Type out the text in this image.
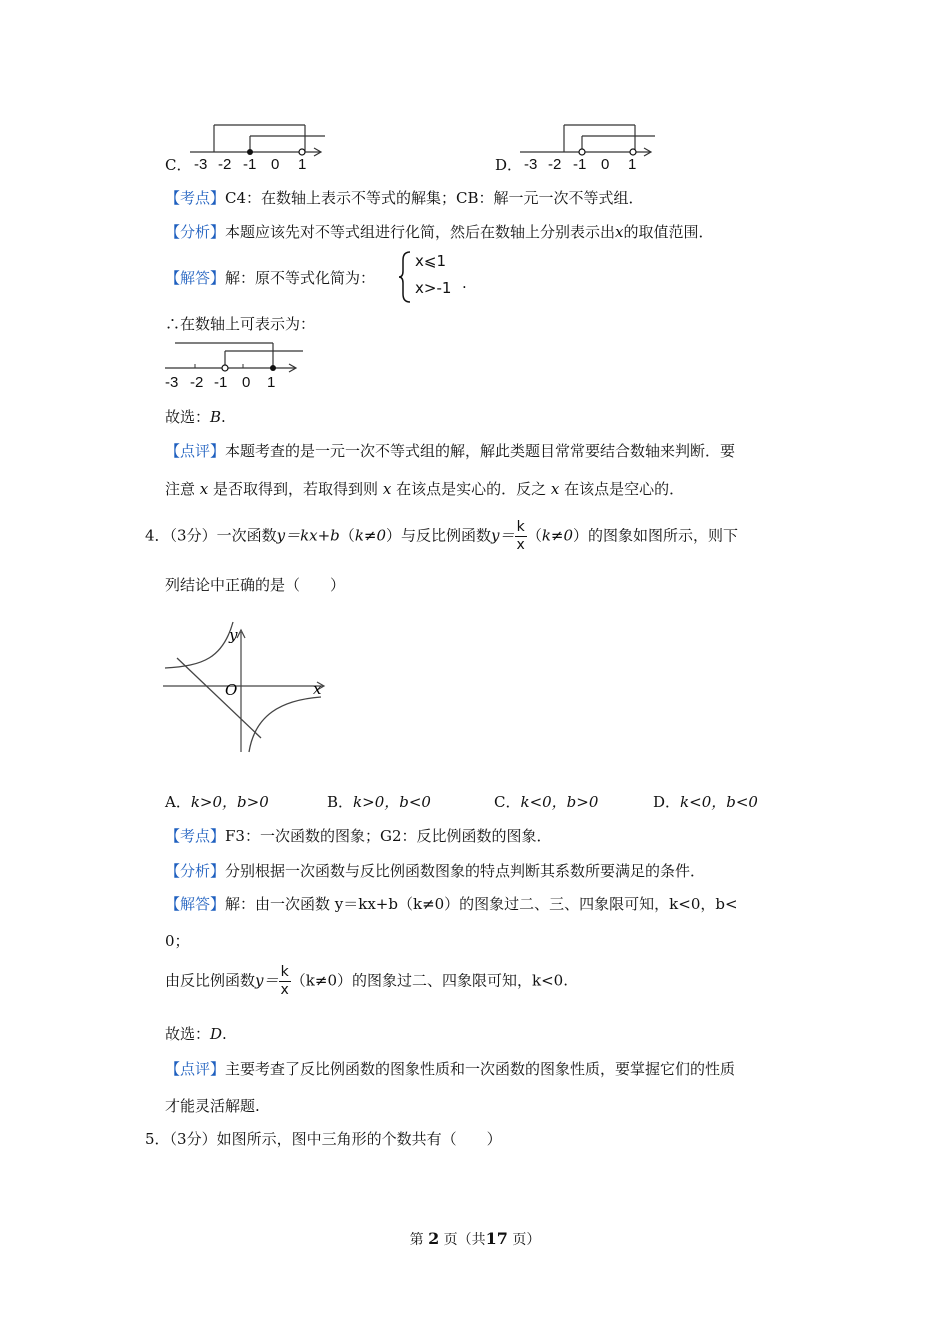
C． -3 -2 -1 0 1	D． -3 -2 -1 0 1
【考点】C4：在数轴上表示不等式的解集；CB：解一元一次不等式组．
【分析】本题应该先对不等式组进行化简，然后在数轴上分别表示出x的取值范围．
【解答】解：原不等式化简为：
x⩽1
x>-1 .
∴在数轴上可表示为：
-3 -2 -1 0 1
故选：B.
【点评】本题考查的是一元一次不等式组的解，解此类题目常常要结合数轴来判断．要
注意 x 是否取得到，若取得到则 x 在该点是实心的．反之 x 在该点是空心的．
4．（3分）一次函数y＝kx+b（k≠0）与反比例函数$y= \frac{k}{x} (k\ne 0)$的图象如图所示，则下
列结论中正确的是（　　）
y
x
O
A．k>0，b>0	B．k>0，b<0	C．k<0，b>0	D．k<0，b<0
【考点】F3：一次函数的图象；G2：反比例函数的图象．
【分析】分别根据一次函数与反比例函数图象的特点判断其系数所要满足的条件．
【解答】解：由一次函数 y＝kx+b（k≠0）的图象过二、三、四象限可知，k<0，b<
0；
由反比例函数$y= \frac{k}{x} (k\ne 0)$的图象过二、四象限可知，k<0.
故选：D.
【点评】主要考查了反比例函数的图象性质和一次函数的图象性质，要掌握它们的性质
才能灵活解题.
5．（3分）如图所示，图中三角形的个数共有（　　）
第 2 页（共17 页）
